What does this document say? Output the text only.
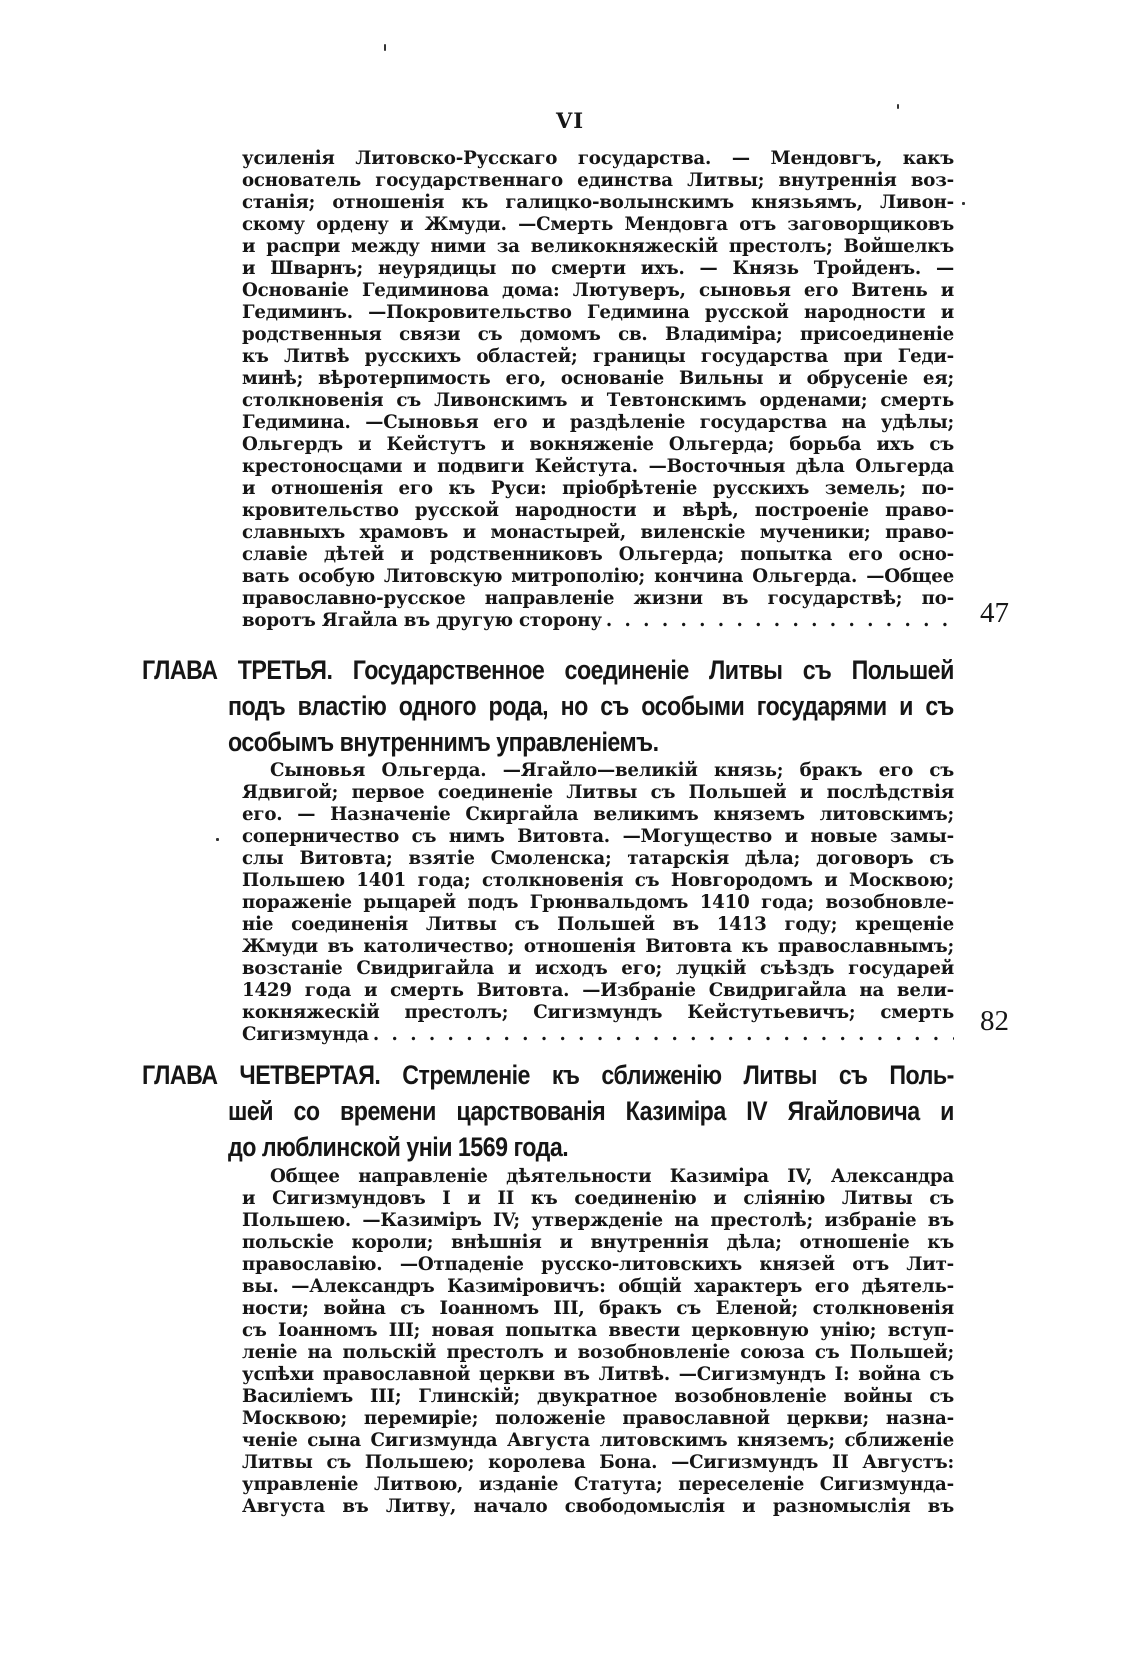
VI
усиленія Литовско-Русскаго государства. — Мендовгъ, какъ
основатель государственнаго единства Литвы; внутреннія воз-
станія; отношенія къ галицко-волынскимъ князьямъ, Ливон-
скому ордену и Жмуди. —Смерть Мендовга отъ заговорщиковъ
и распри между ними за великокняжескій престолъ; Войшелкъ
и Шварнъ; неурядицы по смерти ихъ. — Князь Тройденъ. —
Основаніе Гедиминова дома: Лютуверъ, сыновья его Витень и
Гедиминъ. —Покровительство Гедимина русской народности и
родственныя связи съ домомъ св. Владиміра; присоединеніе
къ Литвѣ русскихъ областей; границы государства при Геди-
минѣ; вѣротерпимость его, основаніе Вильны и обрусеніе ея;
столкновенія съ Ливонскимъ и Тевтонскимъ орденами; смерть
Гедимина. —Сыновья его и раздѣленіе государства на удѣлы;
Ольгердъ и Кейстутъ и вокняженіе Ольгерда; борьба ихъ съ
крестоносцами и подвиги Кейстута. —Восточныя дѣла Ольгерда
и отношенія его къ Руси: пріобрѣтеніе русскихъ земель; по-
кровительство русской народности и вѣрѣ, построеніе право-
славныхъ храмовъ и монастырей, виленскіе мученики; право-
славіе дѣтей и родственниковъ Ольгерда; попытка его осно-
вать особую Литовскую митрополію; кончина Ольгерда. —Общее
православно-русское направленіе жизни въ государствѣ; по-
воротъ Ягайла въ другую сторону . . .	47
ГЛАВА ТРЕТЬЯ. Государственное соединеніе Литвы съ Польшей
подъ властію одного рода, но съ особыми государями и съ
особымъ внутреннимъ управленіемъ.
Сыновья Ольгерда. —Ягайло—великій князь; бракъ его съ
Ядвигой; первое соединеніе Литвы съ Польшей и послѣдствія
его. — Назначеніе Скиргайла великимъ княземъ литовскимъ;
соперничество съ нимъ Витовта. —Могущество и новые замы-
слы Витовта; взятіе Смоленска; татарскія дѣла; договоръ съ
Польшею 1401 года; столкновенія съ Новгородомъ и Москвою;
пораженіе рыцарей подъ Грюнвальдомъ 1410 года; возобновле-
ніе соединенія Литвы съ Польшей въ 1413 году; крещеніе
Жмуди въ католичество; отношенія Витовта къ православнымъ;
возстаніе Свидригайла и исходъ его; луцкій съѣздъ государей
1429 года и смерть Витовта. —Избраніе Свидригайла на вели-
кокняжескій престолъ; Сигизмундъ Кейстутьевичъ; смерть
Сигизмунда . . .	82
ГЛАВА ЧЕТВЕРТАЯ. Стремленіе къ сближенію Литвы съ Поль-
шей со времени царствованія Казиміра IV Ягайловича и
до люблинской уніи 1569 года.
Общее направленіе дѣятельности Казиміра IV, Александра
и Сигизмундовъ I и II къ соединенію и сліянію Литвы съ
Польшею. —Казиміръ IV; утвержденіе на престолѣ; избраніе въ
польскіе короли; внѣшнія и внутреннія дѣла; отношеніе къ
православію. —Отпаденіе русско-литовскихъ князей отъ Лит-
вы. —Александръ Казиміровичъ: общій характеръ его дѣятель-
ности; война съ Іоанномъ III, бракъ съ Еленой; столкновенія
съ Іоанномъ III; новая попытка ввести церковную унію; вступ-
леніе на польскій престолъ и возобновленіе союза съ Польшей;
успѣхи православной церкви въ Литвѣ. —Сигизмундъ I: война съ
Василіемъ III; Глинскій; двукратное возобновленіе войны съ
Москвою; перемиріе; положеніе православной церкви; назна-
ченіе сына Сигизмунда Августа литовскимъ княземъ; сближеніе
Литвы съ Польшею; королева Бона. —Сигизмундъ II Августъ:
управленіе Литвою, изданіе Статута; переселеніе Сигизмунда-
Августа въ Литву, начало свободомыслія и разномыслія въ
